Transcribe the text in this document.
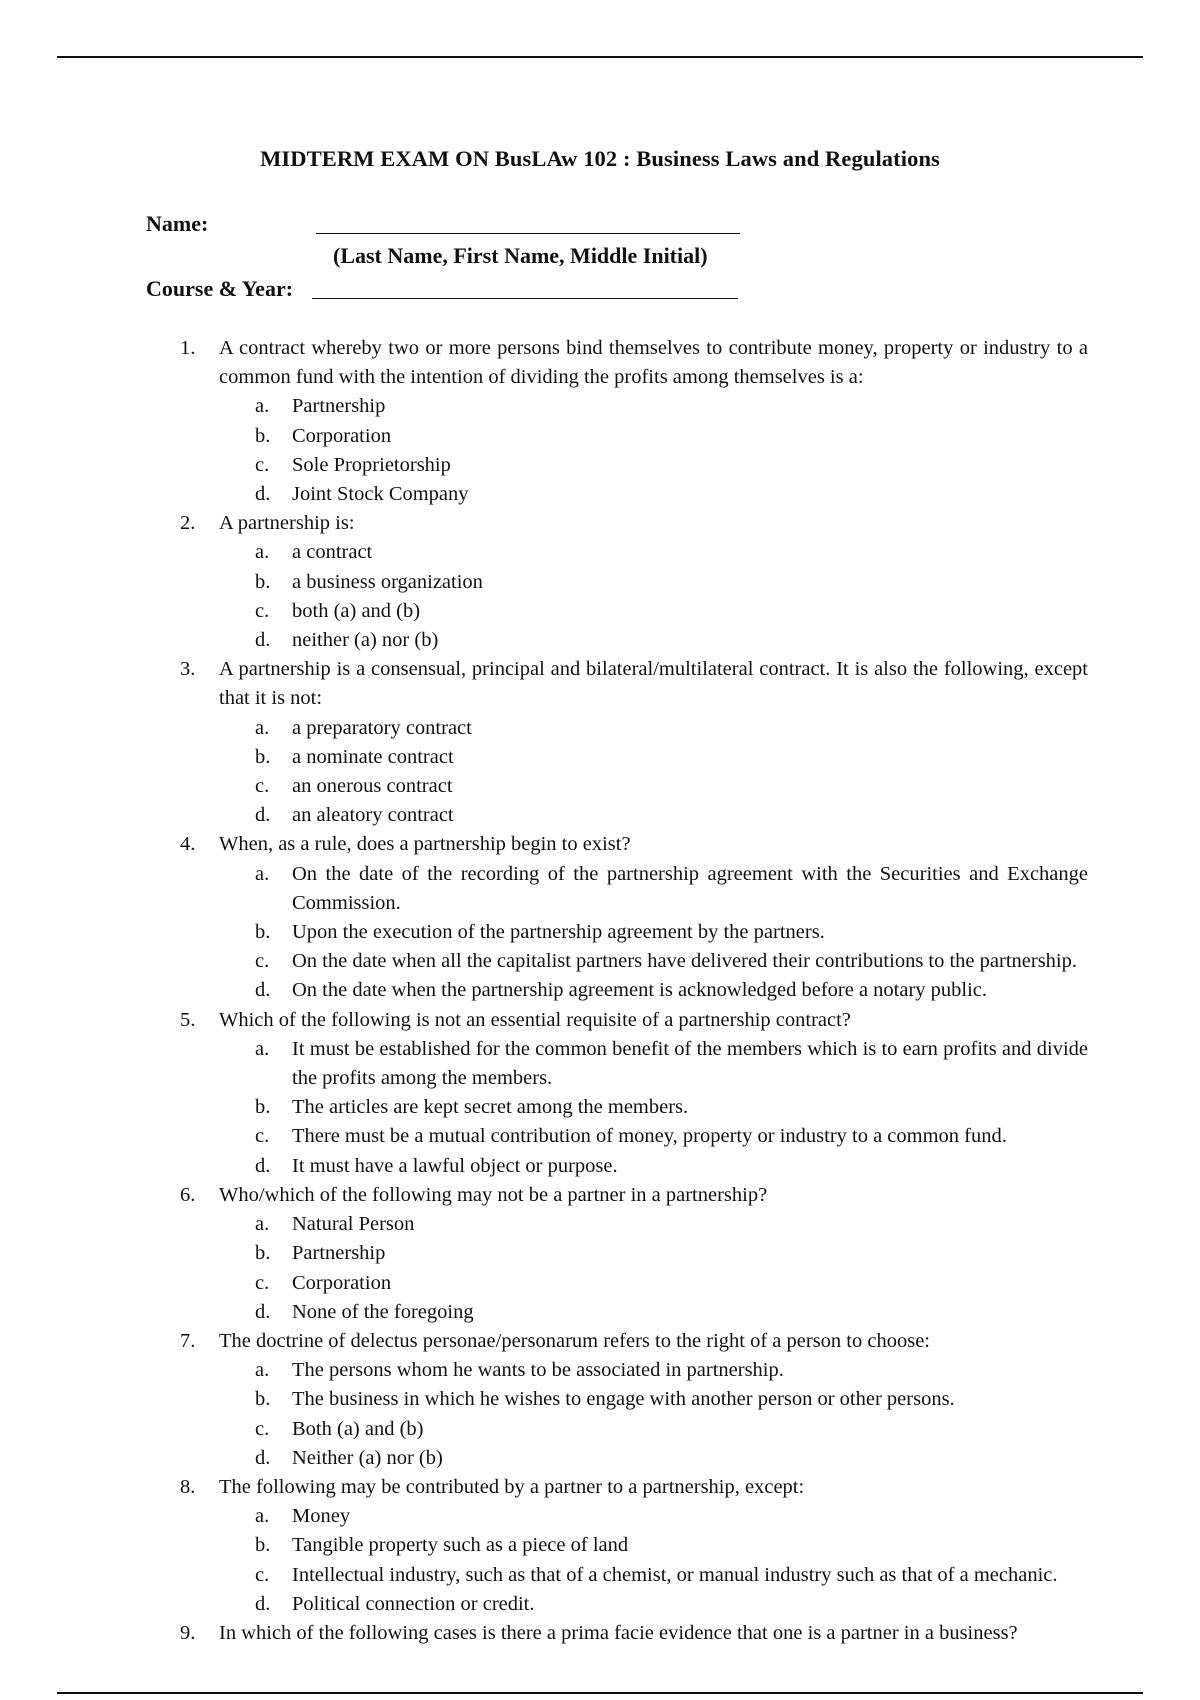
MIDTERM EXAM ON BusLAw 102 : Business Laws and Regulations
Name:
(Last Name, First Name, Middle Initial)
Course & Year:
1. A contract whereby two or more persons bind themselves to contribute money, property or industry to a common fund with the intention of dividing the profits among themselves is a:
a. Partnership
b. Corporation
c. Sole Proprietorship
d. Joint Stock Company
2. A partnership is:
a. a contract
b. a business organization
c. both (a) and (b)
d. neither (a) nor (b)
3. A partnership is a consensual, principal and bilateral/multilateral contract. It is also the following, except that it is not:
a. a preparatory contract
b. a nominate contract
c. an onerous contract
d. an aleatory contract
4. When, as a rule, does a partnership begin to exist?
a. On the date of the recording of the partnership agreement with the Securities and Exchange Commission.
b. Upon the execution of the partnership agreement by the partners.
c. On the date when all the capitalist partners have delivered their contributions to the partnership.
d. On the date when the partnership agreement is acknowledged before a notary public.
5. Which of the following is not an essential requisite of a partnership contract?
a. It must be established for the common benefit of the members which is to earn profits and divide the profits among the members.
b. The articles are kept secret among the members.
c. There must be a mutual contribution of money, property or industry to a common fund.
d. It must have a lawful object or purpose.
6. Who/which of the following may not be a partner in a partnership?
a. Natural Person
b. Partnership
c. Corporation
d. None of the foregoing
7. The doctrine of delectus personae/personarum refers to the right of a person to choose:
a. The persons whom he wants to be associated in partnership.
b. The business in which he wishes to engage with another person or other persons.
c. Both (a) and (b)
d. Neither (a) nor (b)
8. The following may be contributed by a partner to a partnership, except:
a. Money
b. Tangible property such as a piece of land
c. Intellectual industry, such as that of a chemist, or manual industry such as that of a mechanic.
d. Political connection or credit.
9. In which of the following cases is there a prima facie evidence that one is a partner in a business?
